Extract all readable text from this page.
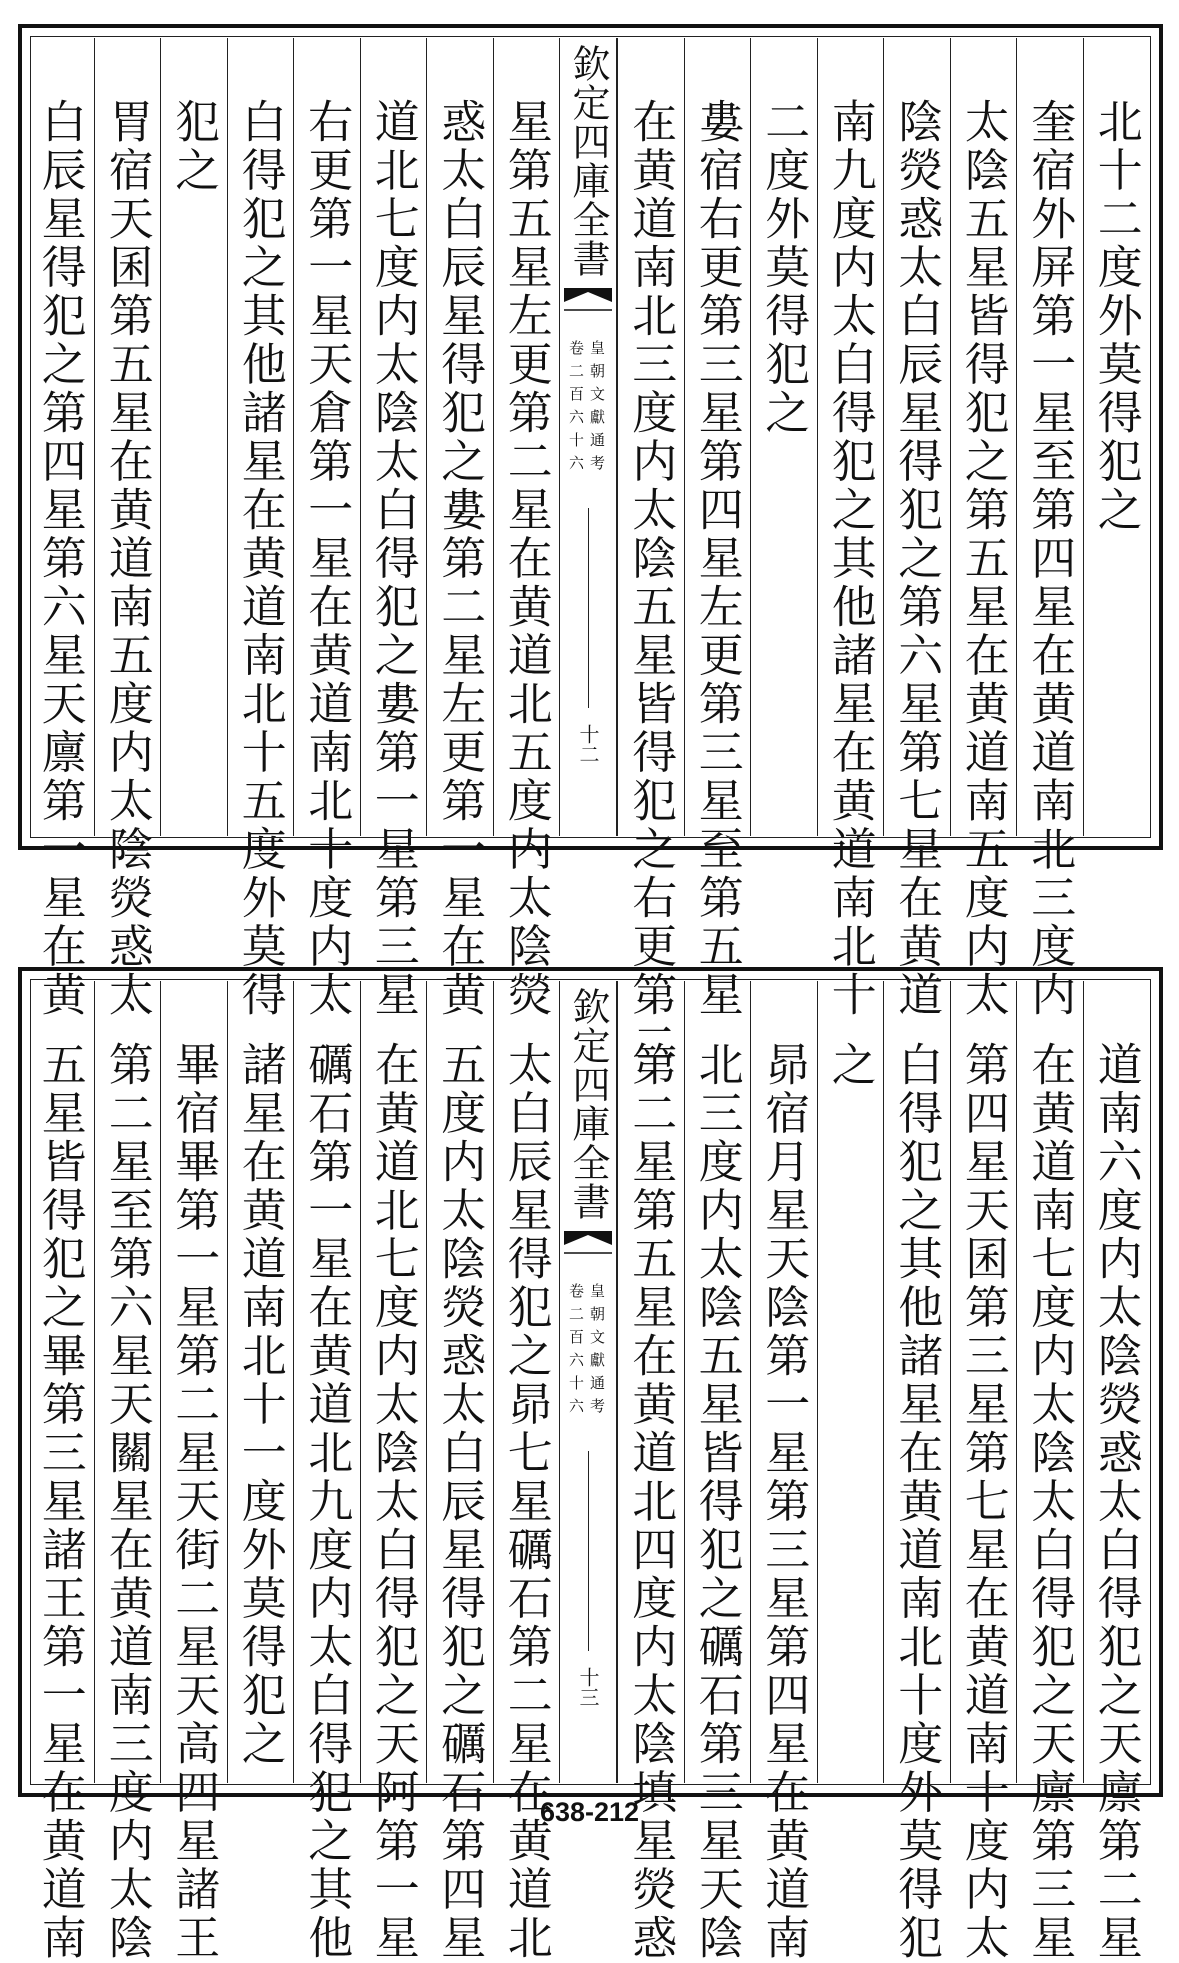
北十二度外莫得犯之
奎宿外屏第一星至第四星在黄道南北三度内
太陰五星皆得犯之第五星在黄道南五度内太
陰熒惑太白辰星得犯之第六星第七星在黄道
南九度内太白得犯之其他諸星在黄道南北十
二度外莫得犯之
婁宿右更第三星第四星左更第三星至第五星
在黄道南北三度内太陰五星皆得犯之右更第二
欽定四庫全書
皇朝文獻通考
卷二百六十六
十二
星第五星左更第二星在黄道北五度内太陰熒
惑太白辰星得犯之婁第二星左更第一星在黄
道北七度内太陰太白得犯之婁第一星第三星
右更第一星天倉第一星在黄道南北十度内太
白得犯之其他諸星在黄道南北十五度外莫得
犯之
胃宿天囷第五星在黄道南五度内太陰熒惑太
白辰星得犯之第四星第六星天廪第一星在黄
道南六度内太陰熒惑太白得犯之天廪第二星
在黄道南七度内太陰太白得犯之天廪第三星
第四星天囷第三星第七星在黄道南十度内太
白得犯之其他諸星在黄道南北十度外莫得犯
之
昴宿月星天陰第一星第三星第四星在黄道南
北三度内太陰五星皆得犯之礪石第三星天陰
第二星第五星在黄道北四度内太陰填星熒惑
欽定四庫全書
皇朝文獻通考
卷二百六十六
十三
太白辰星得犯之昴七星礪石第二星在黄道北
五度内太陰熒惑太白辰星得犯之礪石第四星
在黄道北七度内太陰太白得犯之天阿第一星
礪石第一星在黄道北九度内太白得犯之其他
諸星在黄道南北十一度外莫得犯之
畢宿畢第一星第二星天街二星天高四星諸王
第二星至第六星天關星在黄道南三度内太陰
五星皆得犯之畢第三星諸王第一星在黄道南	638-212
